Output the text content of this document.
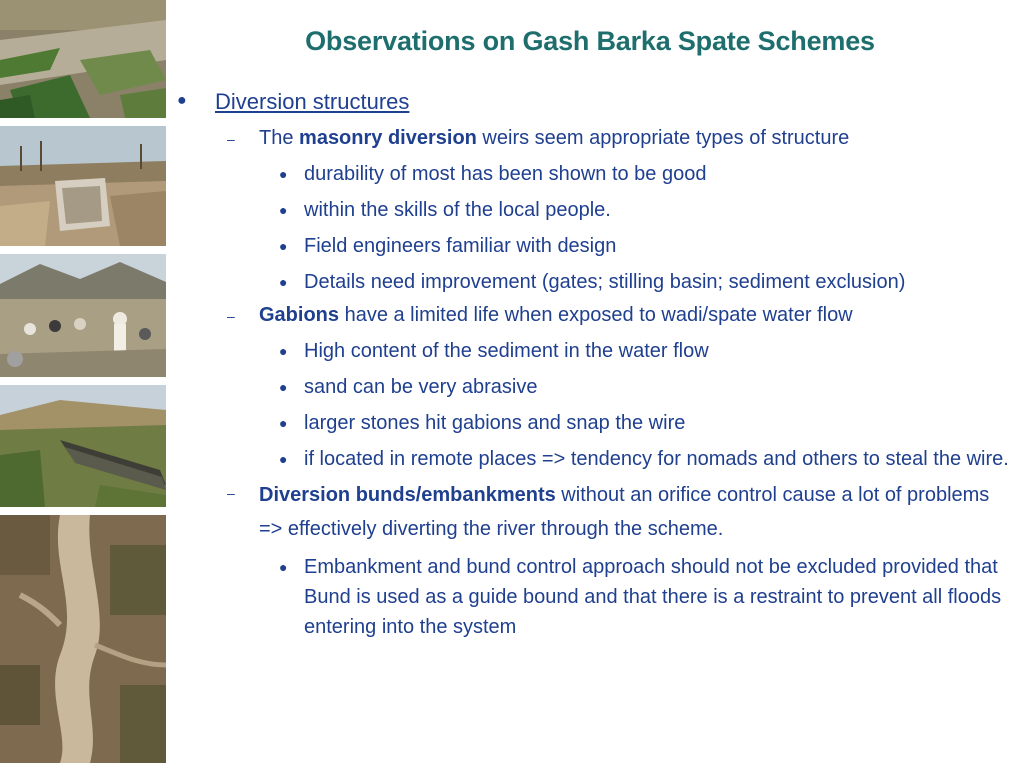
Observations on Gash Barka Spate Schemes
● Diversion structures
– The masonry diversion weirs seem appropriate types of structure
● durability of most has been shown to be good
● within the skills of the local people.
● Field engineers familiar with design
● Details need improvement (gates; stilling basin; sediment exclusion)
– Gabions have a limited life when exposed to wadi/spate water flow
● High content of the sediment in the water flow
● sand can be very abrasive
● larger stones hit gabions and snap the wire
● if located in remote places => tendency for nomads and others to steal the wire.
– Diversion bunds/embankments without an orifice control cause a lot of problems => effectively diverting the river through the scheme.
● Embankment and bund control approach should not be excluded provided that Bund is used as a guide bound and that there is a restraint to prevent all floods entering into the system
